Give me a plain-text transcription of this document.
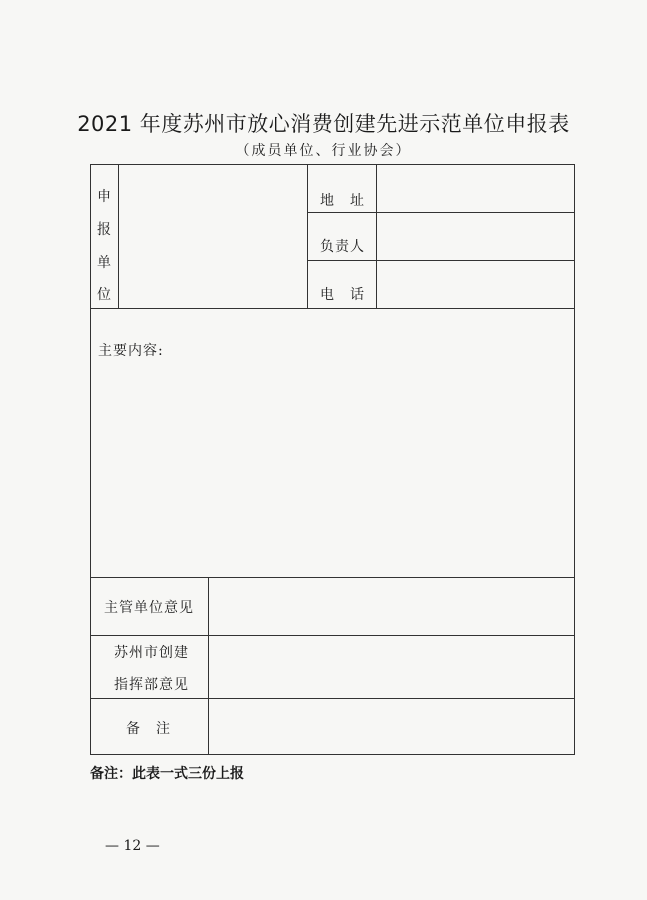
2021 年度苏州市放心消费创建先进示范单位申报表
（成员单位、行业协会）
申
报
单
位
地　址
负责人
电　话
主要内容:
主管单位意见
苏州市创建
指挥部意见
备　注
备注：此表一式三份上报
— 12 —
